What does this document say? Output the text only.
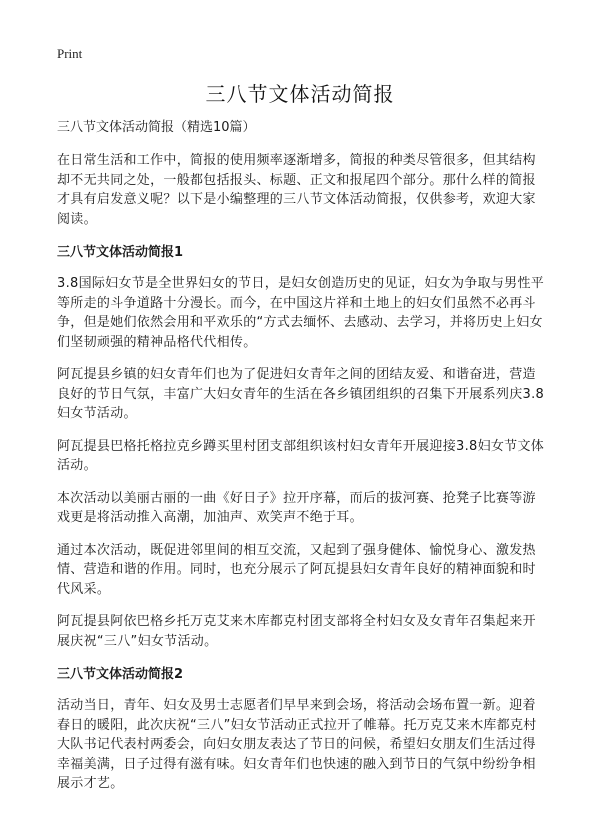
Print
三八节文体活动简报
三八节文体活动简报（精选10篇）

在日常生活和工作中，简报的使用频率逐渐增多，简报的种类尽管很多，但其结构却不无共同之处，一般都包括报头、标题、正文和报尾四个部分。那什么样的简报才具有启发意义呢？以下是小编整理的三八节文体活动简报，仅供参考，欢迎大家阅读。

三八节文体活动简报1

3.8国际妇女节是全世界妇女的节日，是妇女创造历史的见证，妇女为争取与男性平等所走的斗争道路十分漫长。而今，在中国这片祥和土地上的妇女们虽然不必再斗争，但是她们依然会用和平欢乐的“方式去缅怀、去感动、去学习，并将历史上妇女们坚韧顽强的精神品格代代相传。

阿瓦提县乡镇的妇女青年们也为了促进妇女青年之间的团结友爱、和谐奋进，营造良好的节日气氛，丰富广大妇女青年的生活在各乡镇团组织的召集下开展系列庆3.8妇女节活动。

阿瓦提县巴格托格拉克乡蹲买里村团支部组织该村妇女青年开展迎接3.8妇女节文体活动。

本次活动以美丽古丽的一曲《好日子》拉开序幕，而后的拔河赛、抢凳子比赛等游戏更是将活动推入高潮，加油声、欢笑声不绝于耳。

通过本次活动，既促进邻里间的相互交流，又起到了强身健体、愉悦身心、激发热情、营造和谐的作用。同时，也充分展示了阿瓦提县妇女青年良好的精神面貌和时代风采。

阿瓦提县阿依巴格乡托万克艾来木库都克村团支部将全村妇女及女青年召集起来开展庆祝“三八”妇女节活动。

三八节文体活动简报2

活动当日，青年、妇女及男士志愿者们早早来到会场，将活动会场布置一新。迎着春日的暖阳，此次庆祝“三八”妇女节活动正式拉开了帷幕。托万克艾来木库都克村大队书记代表村两委会，向妇女朋友表达了节日的问候，希望妇女朋友们生活过得幸福美满，日子过得有滋有味。妇女青年们也快速的融入到节日的气氛中纷纷争相展示才艺。
